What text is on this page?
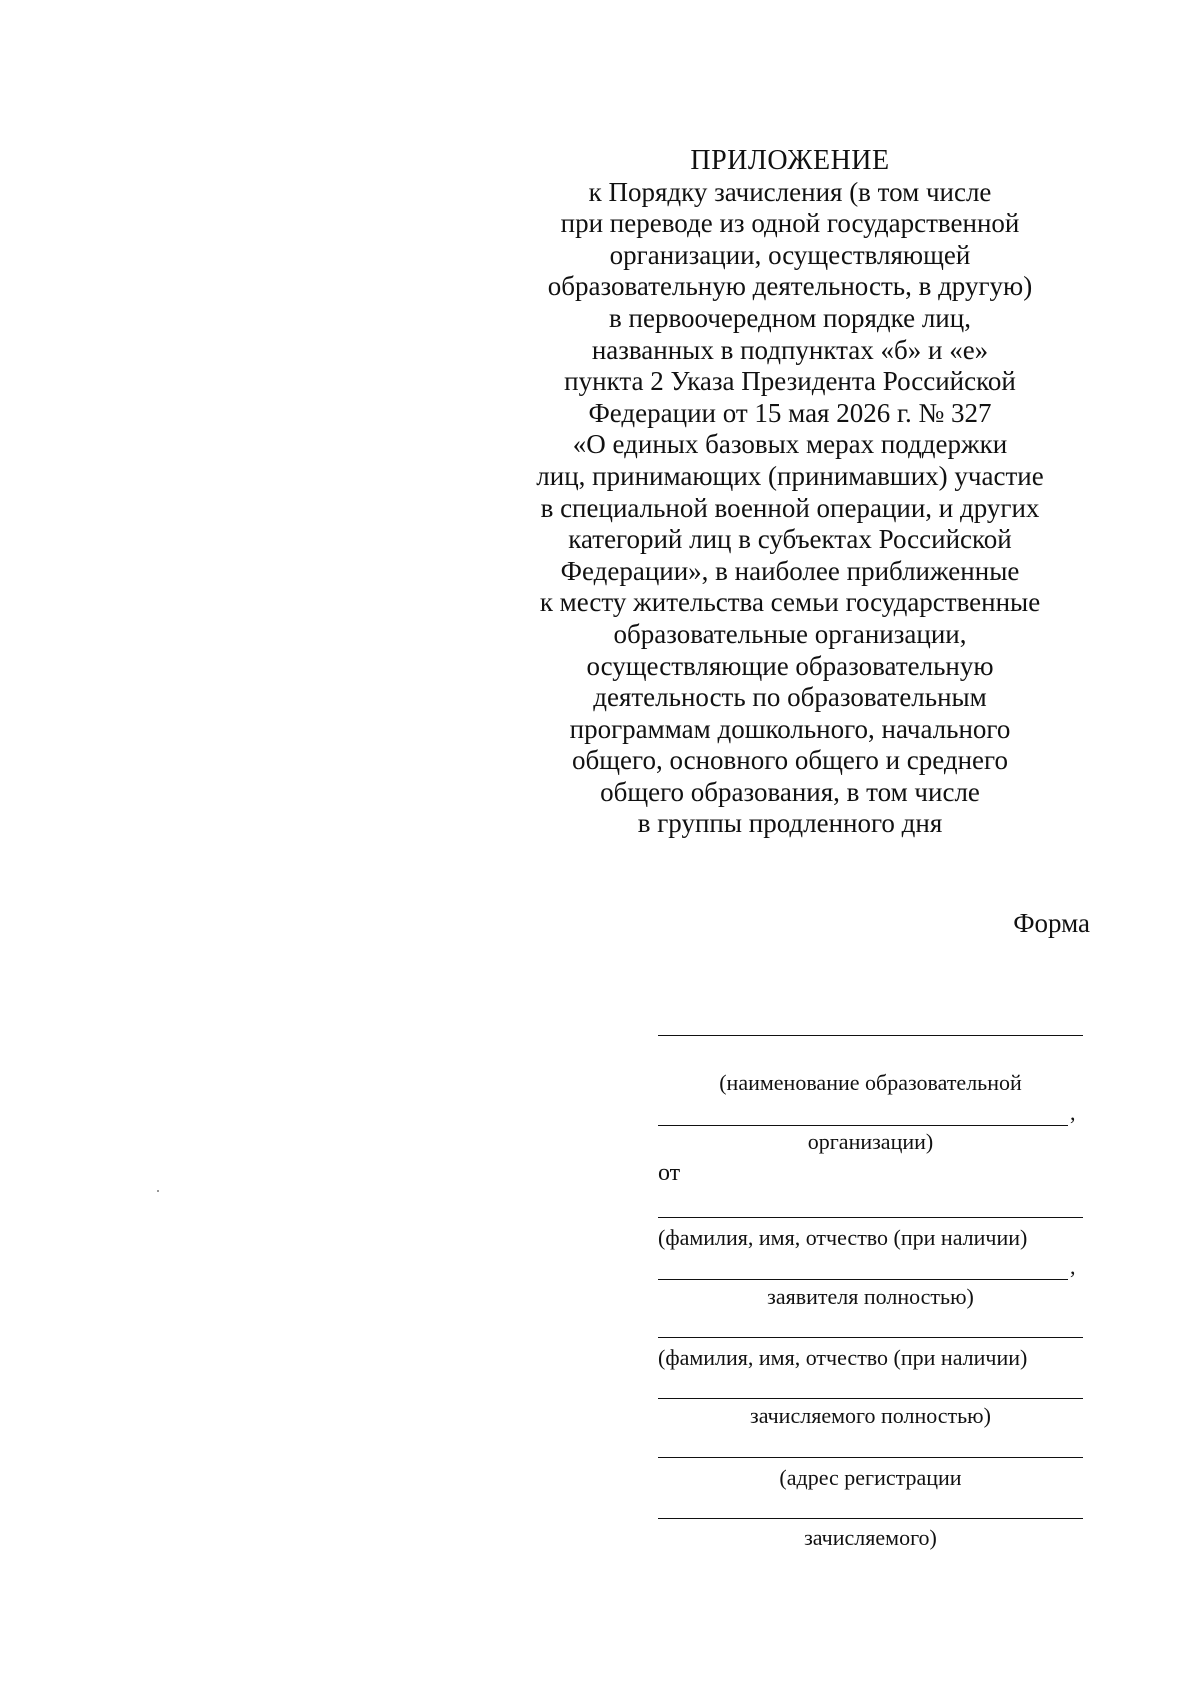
ПРИЛОЖЕНИЕ
к Порядку зачисления (в том числе
при переводе из одной государственной
организации, осуществляющей
образовательную деятельность, в другую)
в первоочередном порядке лиц,
названных в подпунктах «б» и «е»
пункта 2 Указа Президента Российской
Федерации от 15 мая 2026 г. № 327
«О единых базовых мерах поддержки
лиц, принимающих (принимавших) участие
в специальной военной операции, и других
категорий лиц в субъектах Российской
Федерации», в наиболее приближенные
к месту жительства семьи государственные
образовательные организации,
осуществляющие образовательную
деятельность по образовательным
программам дошкольного, начального
общего, основного общего и среднего
общего образования, в том числе
в группы продленного дня
Форма
(наименование образовательной
,
организации)
от
(фамилия, имя, отчество (при наличии)
,
заявителя полностью)
(фамилия, имя, отчество (при наличии)
зачисляемого полностью)
(адрес регистрации
зачисляемого)
